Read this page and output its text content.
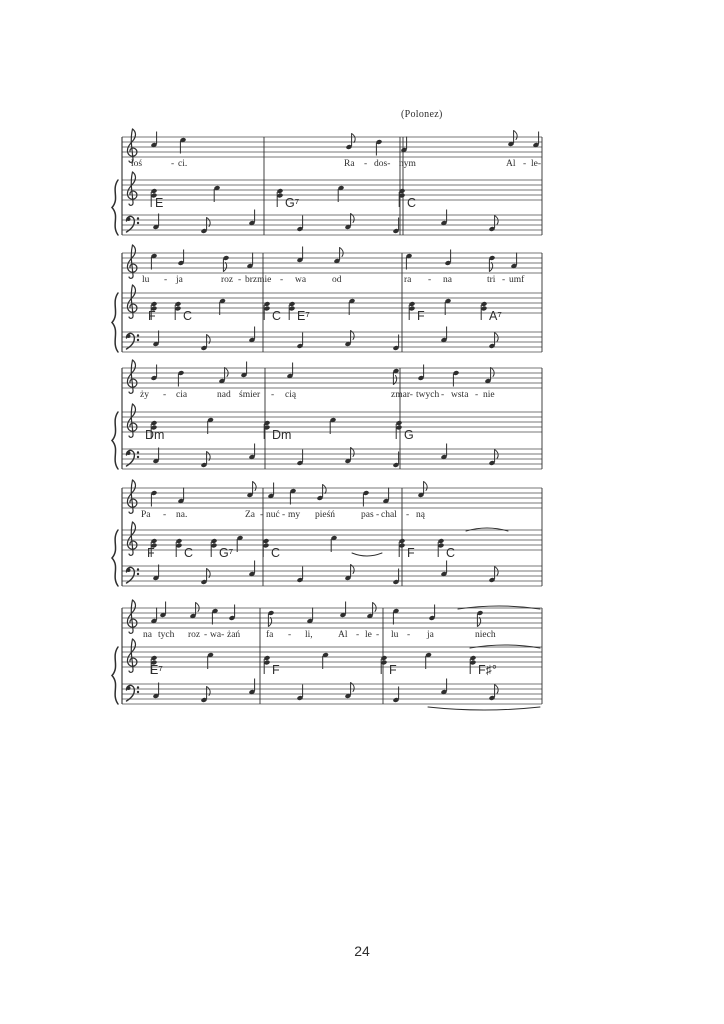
(Polonez)
łoś	- ci.	Ra - dos- nym	Al - le-
E	G⁷	C
lu - ja	roz - brzmie - wa	od	ra - na	tri - umf
F C	C E⁷	F	A⁷
ży - cia	nad śmier - cią	zmar- twych - wsta - nie
Dm	Dm	G
Pa - na.	Za - nuć - my pieśń	pas - chal - ną
F C G⁷	C	F	C
na tych roz - wa- żań	fa - li,	Al - le - lu - ja	niech
E⁷	F	F	F♯°
24
